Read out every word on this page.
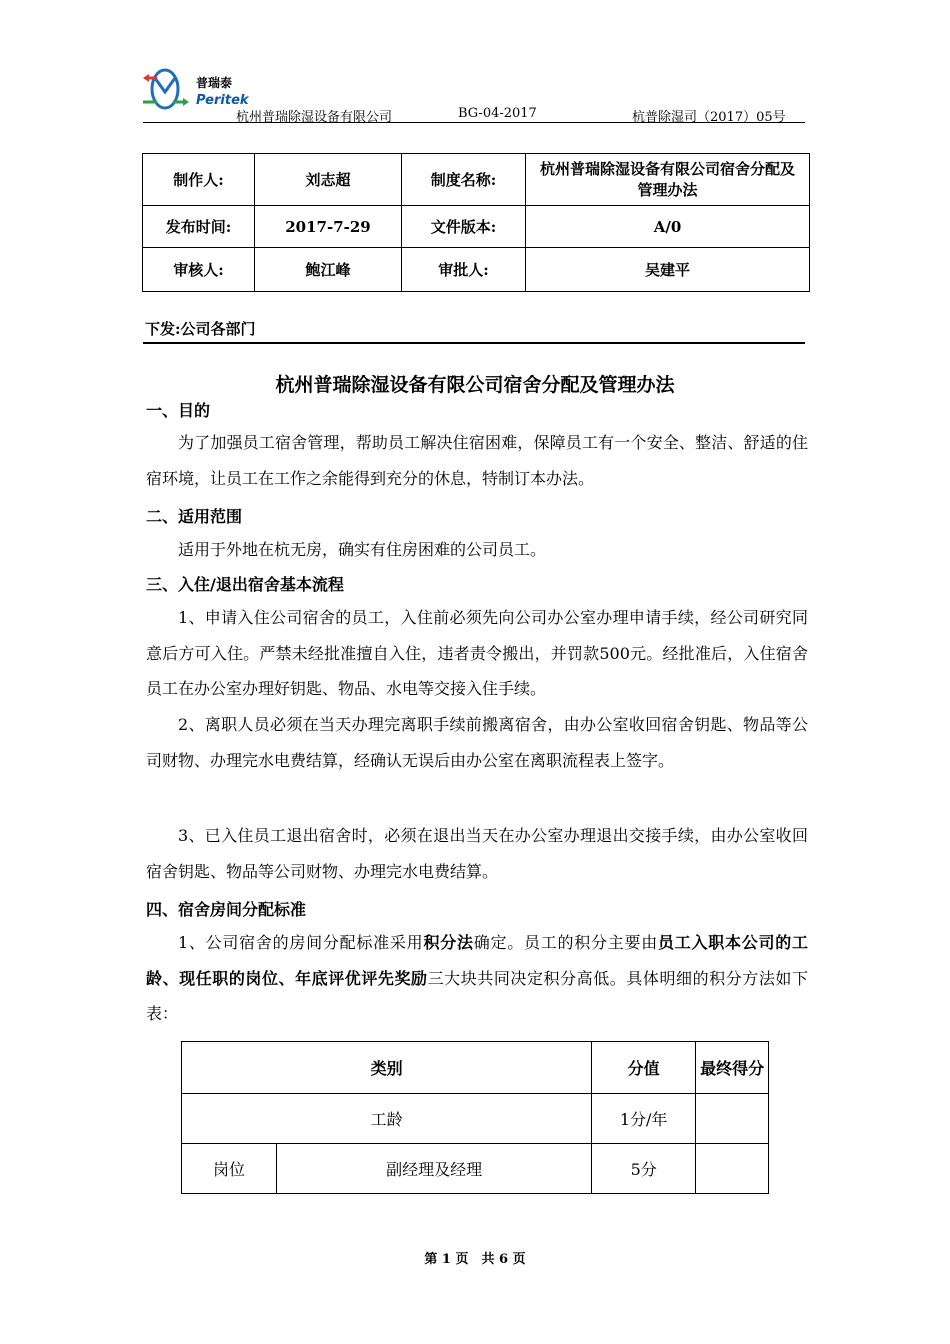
普瑞泰
Peritek
杭州普瑞除湿设备有限公司	BG-04-2017	杭普除湿司（2017）05号
制作人:	刘志超	制度名称:	杭州普瑞除湿设备有限公司宿舍分配及管理办法
发布时间:	2017-7-29	文件版本:	A/0
审核人:	鲍江峰	审批人:	吴建平
下发:公司各部门
杭州普瑞除湿设备有限公司宿舍分配及管理办法
一、目的
为了加强员工宿舍管理，帮助员工解决住宿困难，保障员工有一个安全、整洁、舒适的住宿环境，让员工在工作之余能得到充分的休息，特制订本办法。
二、适用范围
适用于外地在杭无房，确实有住房困难的公司员工。
三、入住/退出宿舍基本流程
1、申请入住公司宿舍的员工，入住前必须先向公司办公室办理申请手续，经公司研究同意后方可入住。严禁未经批准擅自入住，违者责令搬出，并罚款500元。经批准后，入住宿舍员工在办公室办理好钥匙、物品、水电等交接入住手续。
2、离职人员必须在当天办理完离职手续前搬离宿舍，由办公室收回宿舍钥匙、物品等公司财物、办理完水电费结算，经确认无误后由办公室在离职流程表上签字。
3、已入住员工退出宿舍时，必须在退出当天在办公室办理退出交接手续，由办公室收回宿舍钥匙、物品等公司财物、办理完水电费结算。
四、宿舍房间分配标准
1、公司宿舍的房间分配标准采用积分法确定。员工的积分主要由员工入职本公司的工龄、现任职的岗位、年底评优评先奖励三大块共同决定积分高低。具体明细的积分方法如下表：
类别		分值	最终得分
工龄		1分/年	
岗位	副经理及经理	5分	
第 1 页　共 6 页
